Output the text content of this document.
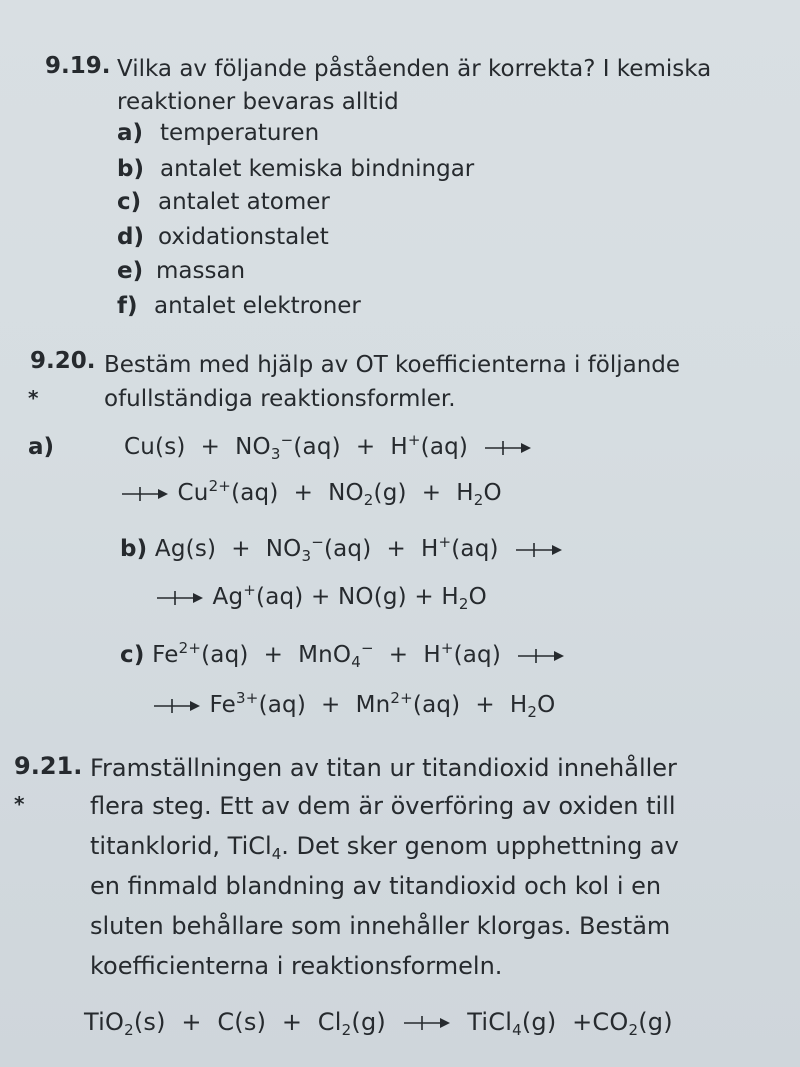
9.19. Vilka av följande påståenden är korrekta? I kemiska
reaktioner bevaras alltid
a) temperaturen
b) antalet kemiska bindningar
c) antalet atomer
d) oxidationstalet
e) massan
f) antalet elektroner
9.20. Bestäm med hjälp av OT koefficienterna i följande
*	ofullständiga reaktionsformler.
a)	$Cu(s) + NO_3^-(aq) + H^+(aq)$ →
→ $Cu^{2+}(aq) + NO_2(g) + H_2O$
b) $Ag(s) + NO_3^-(aq) + H^+(aq)$ →
→ $Ag^+(aq) + NO(g) + H_2O$
c) $Fe^{2+}(aq) + MnO_4^- + H^+(aq)$ →
→ $Fe^{3+}(aq) + Mn^{2+}(aq) + H_2O$
9.21. Framställningen av titan ur titandioxid innehåller
*	flera steg. Ett av dem är överföring av oxiden till
titanklorid, TiCl$_4$. Det sker genom upphettning av
en finmald blandning av titandioxid och kol i en
sluten behållare som innehåller klorgas. Bestäm
koefficienterna i reaktionsformeln.
$TiO_2(s) + C(s) + Cl_2(g)$ → TiCl$_4$(g) $+CO_2(g)$
